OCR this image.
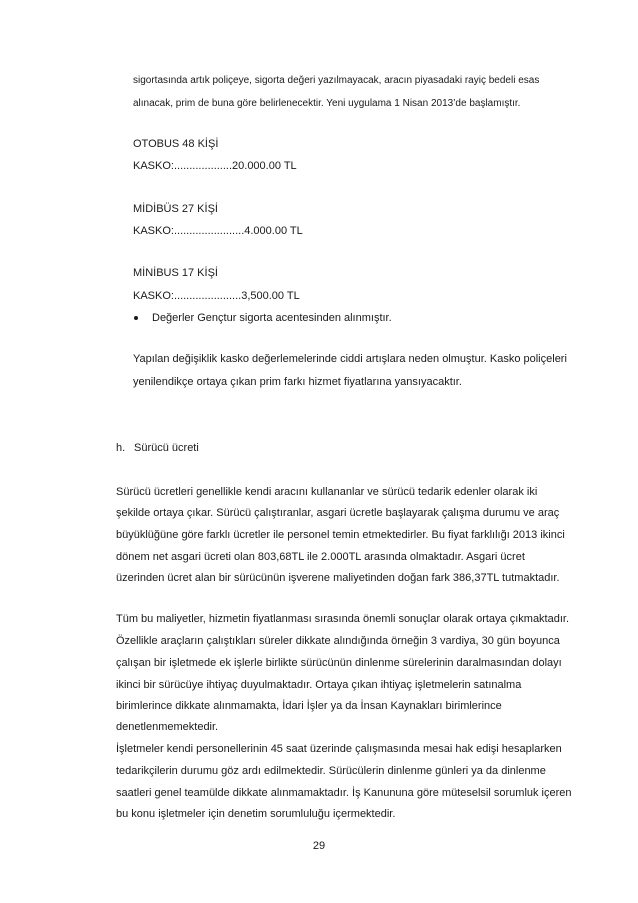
sigortasında artık poliçeye, sigorta değeri yazılmayacak, aracın piyasadaki rayiç bedeli esas
alınacak, prim de buna göre belirlenecektir. Yeni uygulama 1 Nisan 2013’de başlamıştır.
OTOBUS 48 KİŞİ
KASKO:...................20.000.00 TL
MİDİBÜS 27 KİŞİ
KASKO:.......................4.000.00 TL
MİNİBUS 17 KİŞİ
KASKO:......................3,500.00 TL
Değerler Gençtur sigorta acentesinden alınmıştır.
Yapılan değişiklik kasko değerlemelerinde ciddi artışlara neden olmuştur. Kasko poliçeleri
yenilendikçe ortaya çıkan prim farkı hizmet fiyatlarına yansıyacaktır.
h. Sürücü ücreti
Sürücü ücretleri genellikle kendi aracını kullananlar ve sürücü tedarik edenler olarak iki
şekilde ortaya çıkar. Sürücü çalıştıranlar, asgari ücretle başlayarak çalışma durumu ve araç
büyüklüğüne göre farklı ücretler ile personel temin etmektedirler. Bu fiyat farklılığı 2013 ikinci
dönem net asgari ücreti olan 803,68TL ile 2.000TL arasında olmaktadır. Asgari ücret
üzerinden ücret alan bir sürücünün işverene maliyetinden doğan fark 386,37TL tutmaktadır.
Tüm bu maliyetler, hizmetin fiyatlanması sırasında önemli sonuçlar olarak ortaya çıkmaktadır.
Özellikle araçların çalıştıkları süreler dikkate alındığında örneğin 3 vardiya, 30 gün boyunca
çalışan bir işletmede ek işlerle birlikte sürücünün dinlenme sürelerinin daralmasından dolayı
ikinci bir sürücüye ihtiyaç duyulmaktadır. Ortaya çıkan ihtiyaç işletmelerin satınalma
birimlerince dikkate alınmamakta, İdari İşler ya da İnsan Kaynakları birimlerince
denetlenmemektedir.
İşletmeler kendi personellerinin 45 saat üzerinde çalışmasında mesai hak edişi hesaplarken
tedarikçilerin durumu göz ardı edilmektedir. Sürücülerin dinlenme günleri ya da dinlenme
saatleri genel teamülde dikkate alınmamaktadır. İş Kanununa göre müteselsil sorumluk içeren
bu konu işletmeler için denetim sorumluluğu içermektedir.
29
